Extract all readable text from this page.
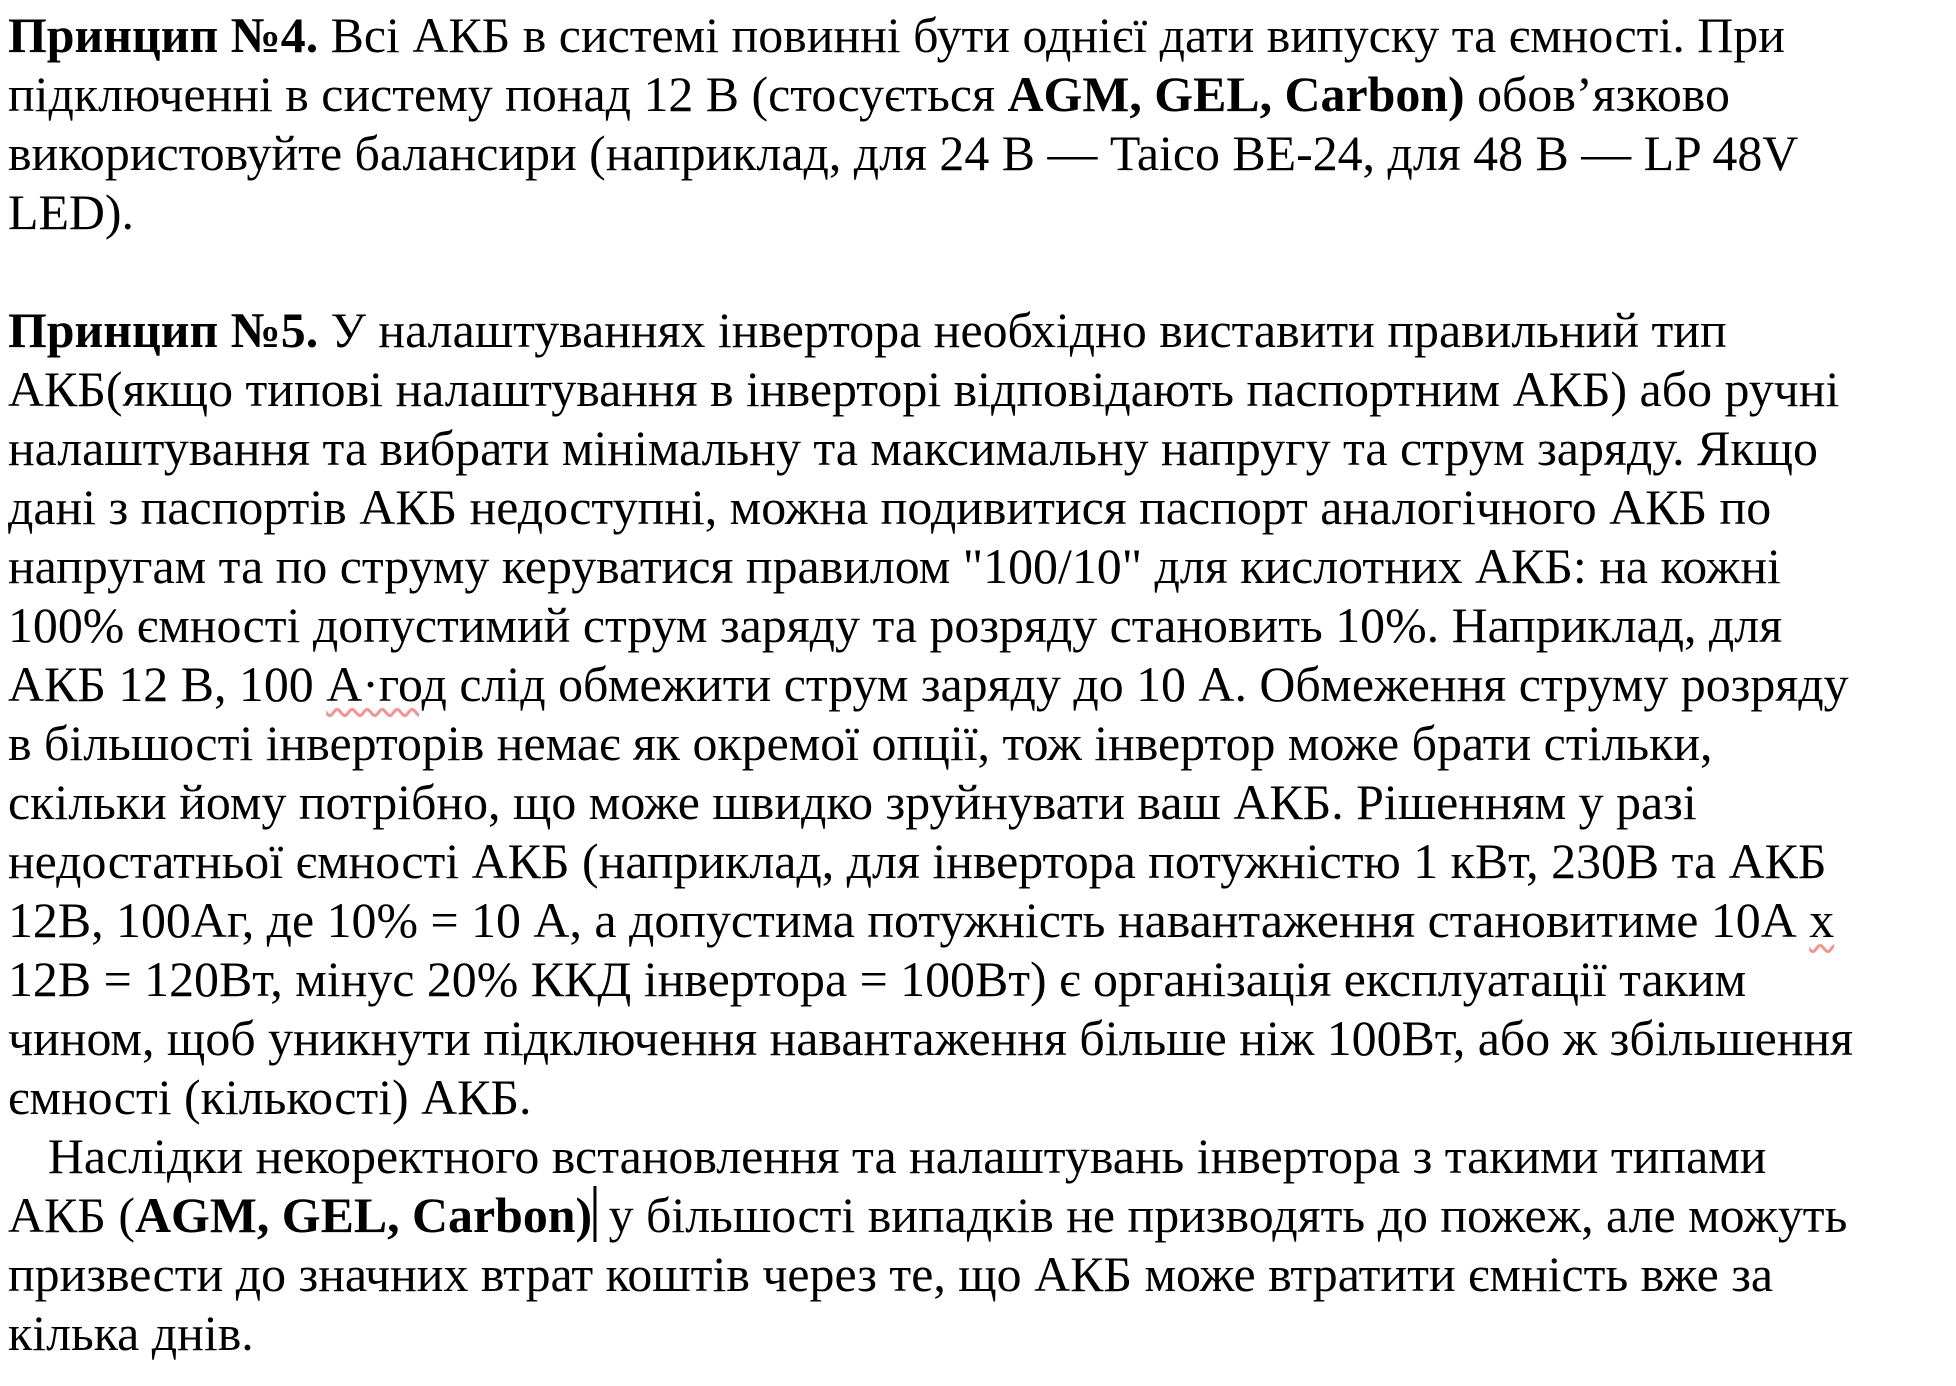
Принцип №4. Всі АКБ в системі повинні бути однієї дати випуску та ємності. При
підключенні в систему понад 12 В (стосується AGM, GEL, Carbon) обов’язково
використовуйте балансири (наприклад, для 24 В — Taico BE-24, для 48 В — LP 48V
LED).
Принцип №5. У налаштуваннях інвертора необхідно виставити правильний тип
АКБ(якщо типові налаштування в інверторі відповідають паспортним АКБ) або ручні
налаштування та вибрати мінімальну та максимальну напругу та струм заряду. Якщо
дані з паспортів АКБ недоступні, можна подивитися паспорт аналогічного АКБ по
напругам та по струму керуватися правилом "100/10" для кислотних АКБ: на кожні
100% ємності допустимий струм заряду та розряду становить 10%. Наприклад, для
АКБ 12 В, 100 А·год слід обмежити струм заряду до 10 А. Обмеження струму розряду
в більшості інверторів немає як окремої опції, тож інвертор може брати стільки,
скільки йому потрібно, що може швидко зруйнувати ваш АКБ. Рішенням у разі
недостатньої ємності АКБ (наприклад, для інвертора потужністю 1 кВт, 230В та АКБ
12В, 100Аг, де 10% = 10 А, а допустима потужність навантаження становитиме 10А х
12В = 120Вт, мінус 20% ККД інвертора = 100Вт) є організація експлуатації таким
чином, щоб уникнути підключення навантаження більше ніж 100Вт, або ж збільшення
ємності (кількості) АКБ.
Наслідки некоректного встановлення та налаштувань інвертора з такими типами
АКБ (AGM, GEL, Carbon) у більшості випадків не призводять до пожеж, але можуть
призвести до значних втрат коштів через те, що АКБ може втратити ємність вже за
кілька днів.
